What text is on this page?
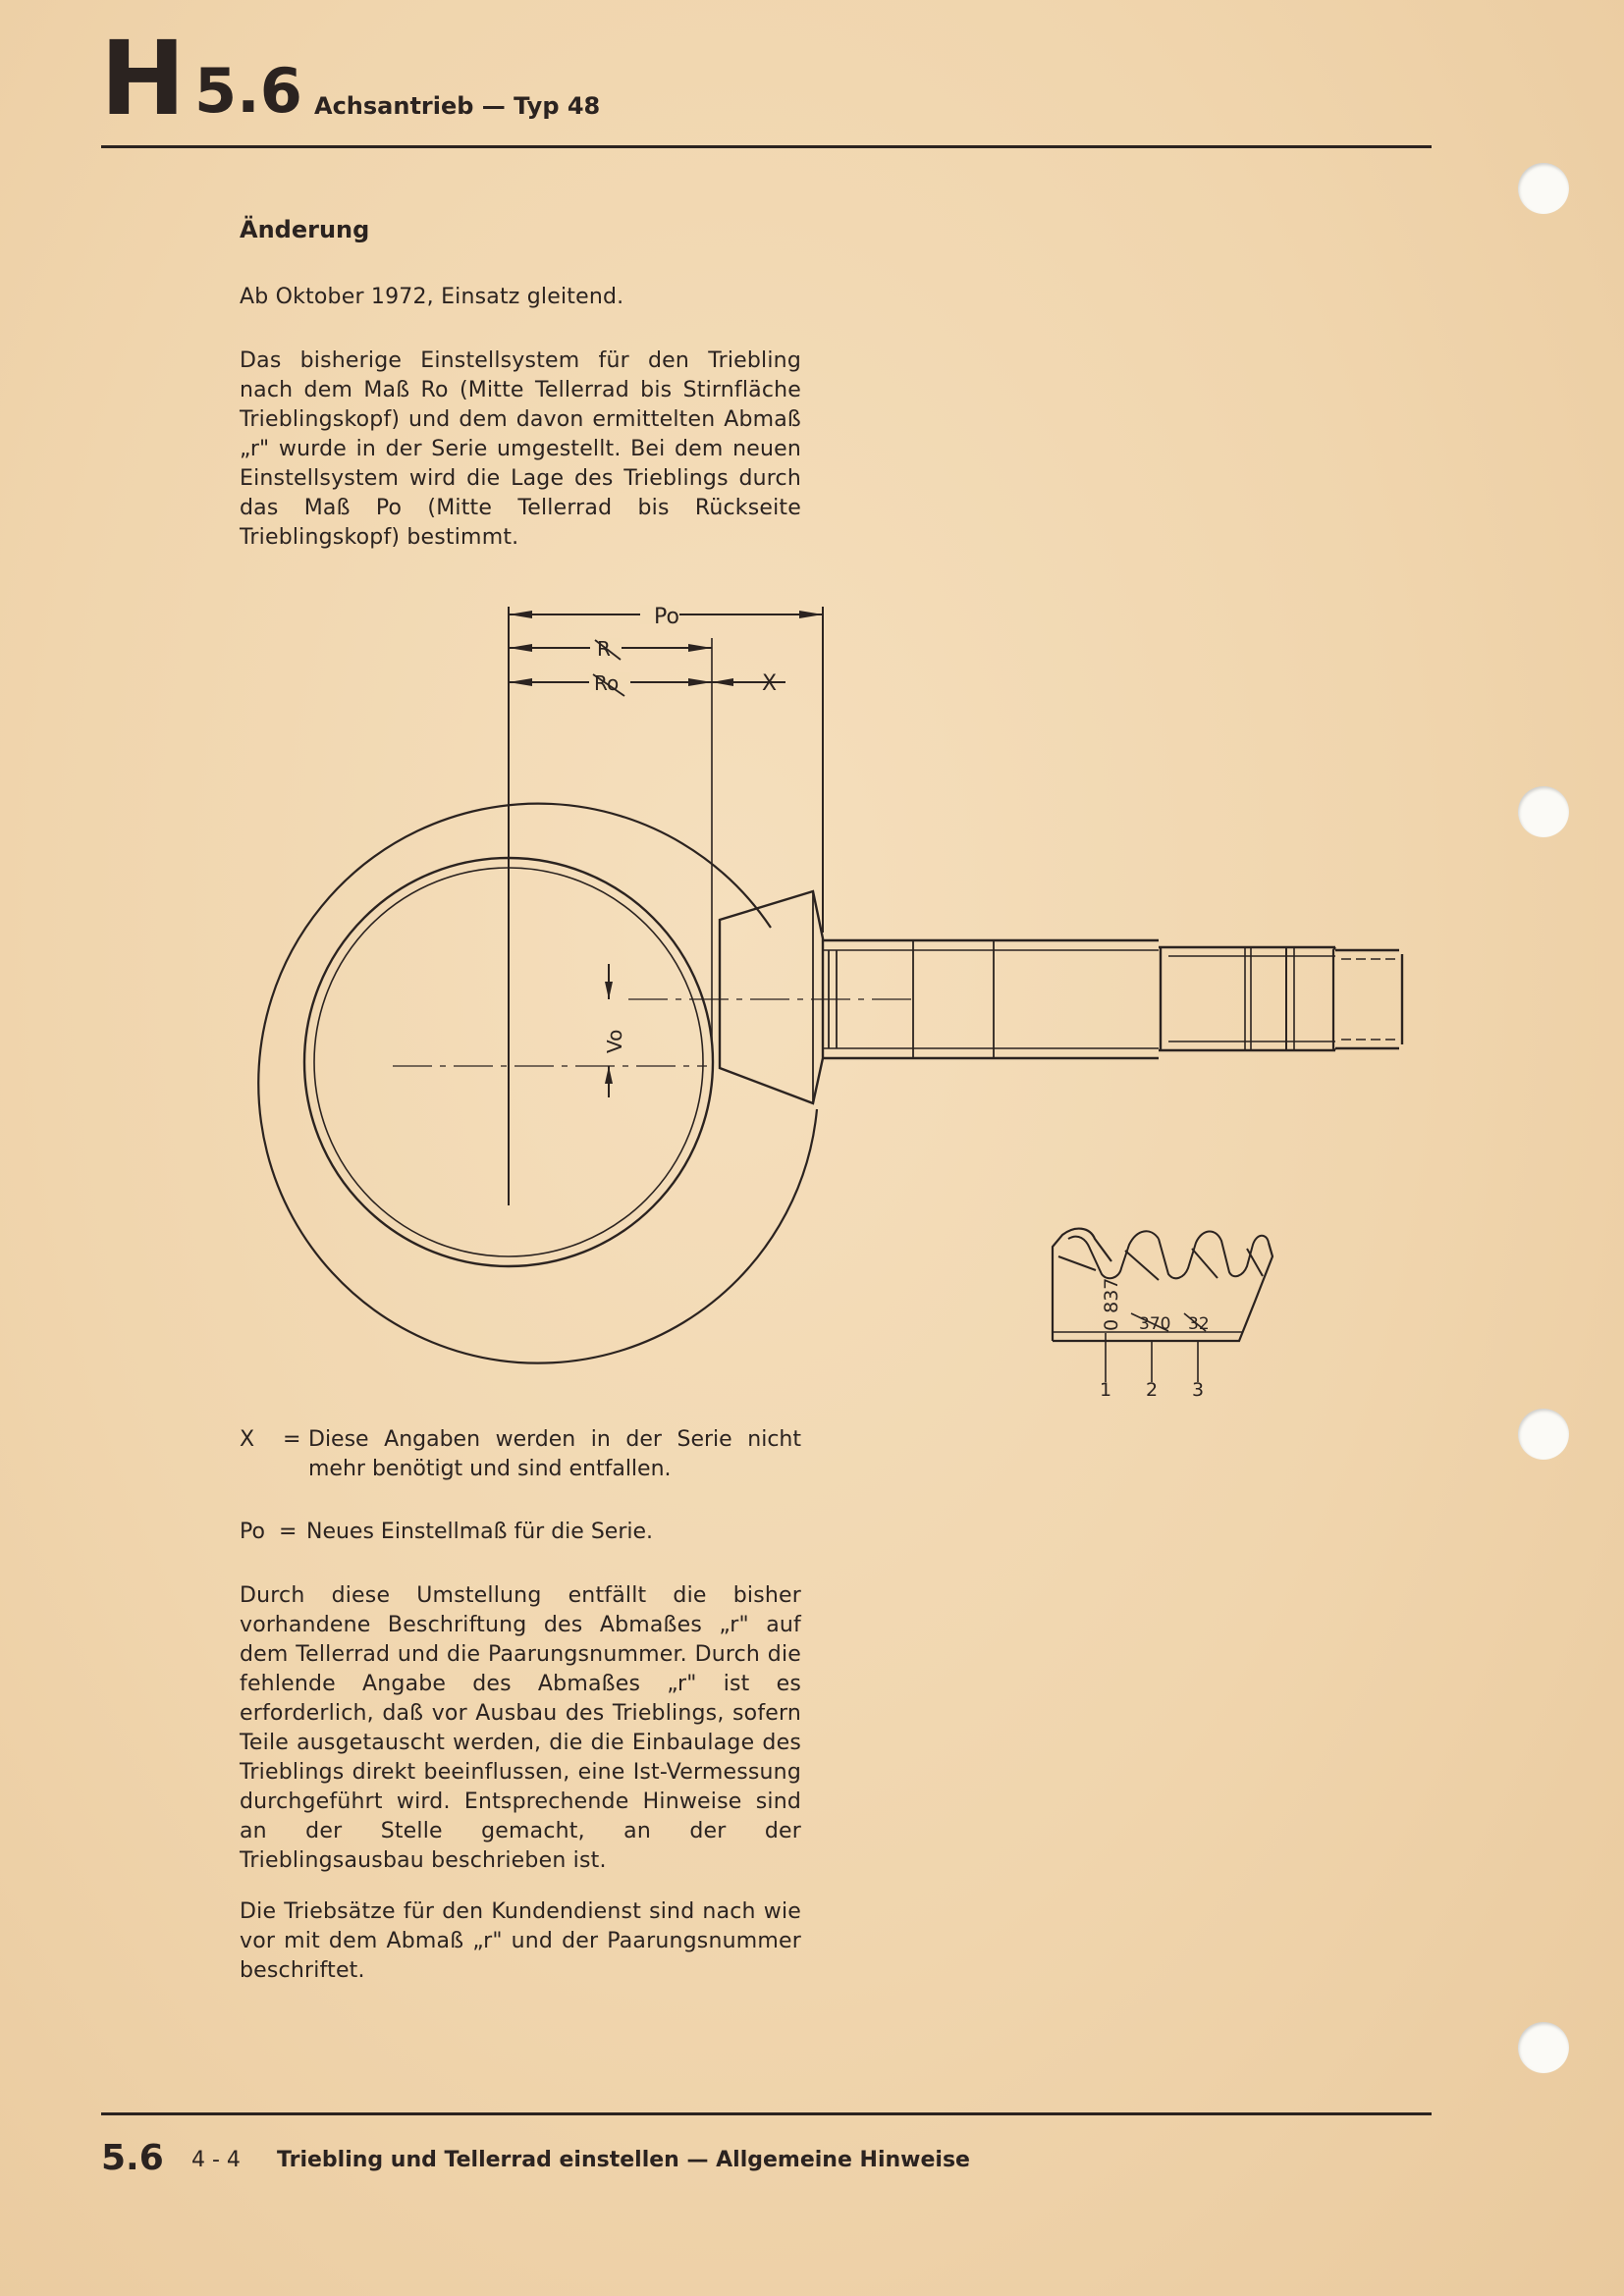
H 5.6 Achsantrieb — Typ 48
Änderung
Ab Oktober 1972, Einsatz gleitend.
Das bisherige Einstellsystem für den Triebling nach dem Maß Ro (Mitte Tellerrad bis Stirnfläche Trieblingskopf) und dem davon ermittelten Abmaß „r" wurde in der Serie umgestellt. Bei dem neuen Einstellsystem wird die Lage des Trieblings durch das Maß Po (Mitte Tellerrad bis Rückseite Trieblingskopf) bestimmt.
Po
R
Ro	X
Vo
0 837 370 32
1 2 3
X = Diese Angaben werden in der Serie nicht mehr benötigt und sind entfallen.
Po = Neues Einstellmaß für die Serie.
Durch diese Umstellung entfällt die bisher vorhandene Beschriftung des Abmaßes „r" auf dem Tellerrad und die Paarungsnummer. Durch die fehlende Angabe des Abmaßes „r" ist es erforderlich, daß vor Ausbau des Trieblings, sofern Teile ausgetauscht werden, die die Einbaulage des Trieblings direkt beeinflussen, eine Ist-Vermessung durchgeführt wird. Entsprechende Hinweise sind an der Stelle gemacht, an der der Trieblingsausbau beschrieben ist.
Die Triebsätze für den Kundendienst sind nach wie vor mit dem Abmaß „r" und der Paarungsnummer beschriftet.
5.6 4 - 4 Triebling und Tellerrad einstellen — Allgemeine Hinweise
